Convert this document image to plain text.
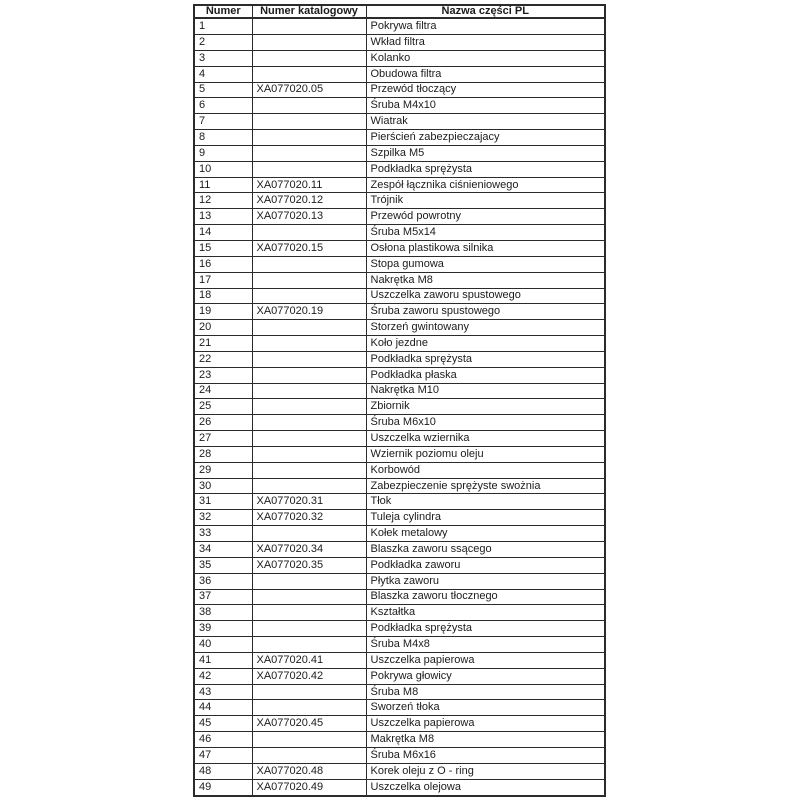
Numer	Numer katalogowy	Nazwa części PL
1		Pokrywa filtra
2		Wkład filtra
3		Kolanko
4		Obudowa filtra
5	XA077020.05	Przewód tłoczący
6		Śruba M4x10
7		Wiatrak
8		Pierścień zabezpieczajacy
9		Szpilka M5
10		Podkładka sprężysta
11	XA077020.11	Zespół łącznika ciśnieniowego
12	XA077020.12	Trójnik
13	XA077020.13	Przewód powrotny
14		Śruba M5x14
15	XA077020.15	Osłona plastikowa silnika
16		Stopa gumowa
17		Nakrętka M8
18		Uszczelka zaworu spustowego
19	XA077020.19	Śruba zaworu spustowego
20		Storzeń gwintowany
21		Koło jezdne
22		Podkładka sprężysta
23		Podkładka płaska
24		Nakrętka M10
25		Zbiornik
26		Śruba M6x10
27		Uszczelka wziernika
28		Wziernik poziomu oleju
29		Korbowód
30		Zabezpieczenie sprężyste swożnia
31	XA077020.31	Tłok
32	XA077020.32	Tuleja cylindra
33		Kołek metalowy
34	XA077020.34	Blaszka zaworu ssącego
35	XA077020.35	Podkładka zaworu
36		Płytka zaworu
37		Blaszka zaworu tłocznego
38		Kształtka
39		Podkładka sprężysta
40		Śruba M4x8
41	XA077020.41	Uszczelka papierowa
42	XA077020.42	Pokrywa głowicy
43		Śruba M8
44		Sworzeń tłoka
45	XA077020.45	Uszczelka papierowa
46		Makrętka M8
47		Śruba M6x16
48	XA077020.48	Korek oleju z O - ring
49	XA077020.49	Uszczelka olejowa
